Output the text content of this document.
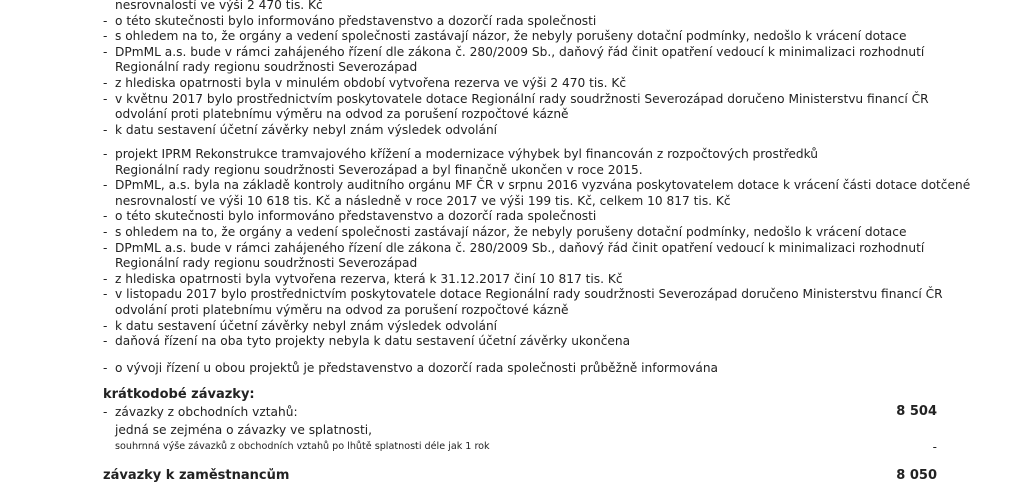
nesrovnalostí ve výši 2 470 tis. Kč
- o této skutečnosti bylo informováno představenstvo a dozorčí rada společnosti
- s ohledem na to, že orgány a vedení společnosti zastávají názor, že nebyly porušeny dotační podmínky, nedošlo k vrácení dotace
- DPmML a.s. bude v rámci zahájeného řízení dle zákona č. 280/2009 Sb., daňový řád činit opatření vedoucí k minimalizaci rozhodnutí
Regionální rady regionu soudržnosti Severozápad
- z hlediska opatrnosti byla v minulém období vytvořena rezerva ve výši 2 470 tis. Kč
- v květnu 2017 bylo prostřednictvím poskytovatele dotace Regionální rady soudržnosti Severozápad doručeno Ministerstvu financí ČR
odvolání proti platebnímu výměru na odvod za porušení rozpočtové kázně
- k datu sestavení účetní závěrky nebyl znám výsledek odvolání
- projekt IPRM Rekonstrukce tramvajového křížení a modernizace výhybek byl financován z rozpočtových prostředků
Regionální rady regionu soudržnosti Severozápad a byl finančně ukončen v roce 2015.
- DPmML, a.s. byla na základě kontroly auditního orgánu MF ČR v srpnu 2016 vyzvána poskytovatelem dotace k vrácení části dotace dotčené
nesrovnalostí ve výši 10 618 tis. Kč a následně v roce 2017 ve výši 199 tis. Kč, celkem 10 817 tis. Kč
- o této skutečnosti bylo informováno představenstvo a dozorčí rada společnosti
- s ohledem na to, že orgány a vedení společnosti zastávají názor, že nebyly porušeny dotační podmínky, nedošlo k vrácení dotace
- DPmML a.s. bude v rámci zahájeného řízení dle zákona č. 280/2009 Sb., daňový řád činit opatření vedoucí k minimalizaci rozhodnutí
Regionální rady regionu soudržnosti Severozápad
- z hlediska opatrnosti byla vytvořena rezerva, která k 31.12.2017 činí 10 817 tis. Kč
- v listopadu 2017 bylo prostřednictvím poskytovatele dotace Regionální rady soudržnosti Severozápad doručeno Ministerstvu financí ČR
odvolání proti platebnímu výměru na odvod za porušení rozpočtové kázně
- k datu sestavení účetní závěrky nebyl znám výsledek odvolání
- daňová řízení na oba tyto projekty nebyla k datu sestavení účetní závěrky ukončena
- o vývoji řízení u obou projektů je představenstvo a dozorčí rada společnosti průběžně informována
krátkodobé závazky:
- závazky z obchodních vztahů:	8 504
jedná se zejména o závazky ve splatnosti,
souhrnná výše závazků z obchodních vztahů po lhůtě splatnosti déle jak 1 rok	-
závazky k zaměstnancům	8 050
